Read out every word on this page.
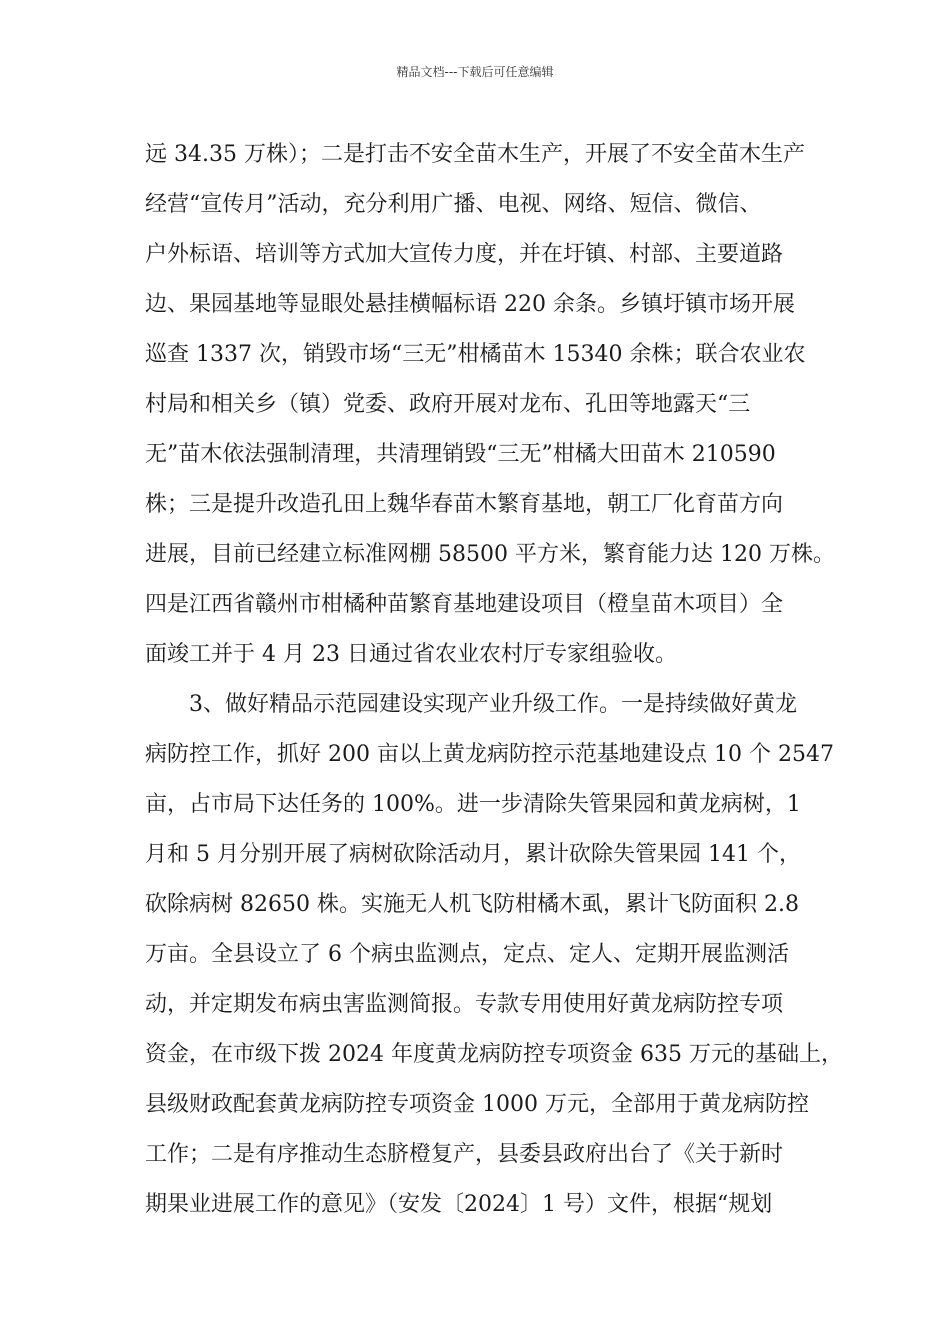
精品文档---下载后可任意编辑
远 34.35 万株）；二是打击不安全苗木生产，开展了不安全苗木生产
经营“宣传月”活动，充分利用广播、电视、网络、短信、微信、
户外标语、培训等方式加大宣传力度，并在圩镇、村部、主要道路
边、果园基地等显眼处悬挂横幅标语 220 余条。乡镇圩镇市场开展
巡查 1337 次，销毁市场“三无”柑橘苗木 15340 余株；联合农业农
村局和相关乡（镇）党委、政府开展对龙布、孔田等地露天“三
无”苗木依法强制清理，共清理销毁“三无”柑橘大田苗木 210590
株；三是提升改造孔田上魏华春苗木繁育基地，朝工厂化育苗方向
进展，目前已经建立标准网棚 58500 平方米，繁育能力达 120 万株。
四是江西省赣州市柑橘种苗繁育基地建设项目（橙皇苗木项目）全
面竣工并于 4 月 23 日通过省农业农村厅专家组验收。
3、做好精品示范园建设实现产业升级工作。一是持续做好黄龙
病防控工作，抓好 200 亩以上黄龙病防控示范基地建设点 10 个 2547
亩，占市局下达任务的 100%。进一步清除失管果园和黄龙病树，1
月和 5 月分别开展了病树砍除活动月，累计砍除失管果园 141 个，
砍除病树 82650 株。实施无人机飞防柑橘木虱，累计飞防面积 2.8
万亩。全县设立了 6 个病虫监测点，定点、定人、定期开展监测活
动，并定期发布病虫害监测简报。专款专用使用好黄龙病防控专项
资金，在市级下拨 2024 年度黄龙病防控专项资金 635 万元的基础上，
县级财政配套黄龙病防控专项资金 1000 万元，全部用于黄龙病防控
工作；二是有序推动生态脐橙复产，县委县政府出台了《关于新时
期果业进展工作的意见》（安发〔2024〕1 号）文件，根据“规划
